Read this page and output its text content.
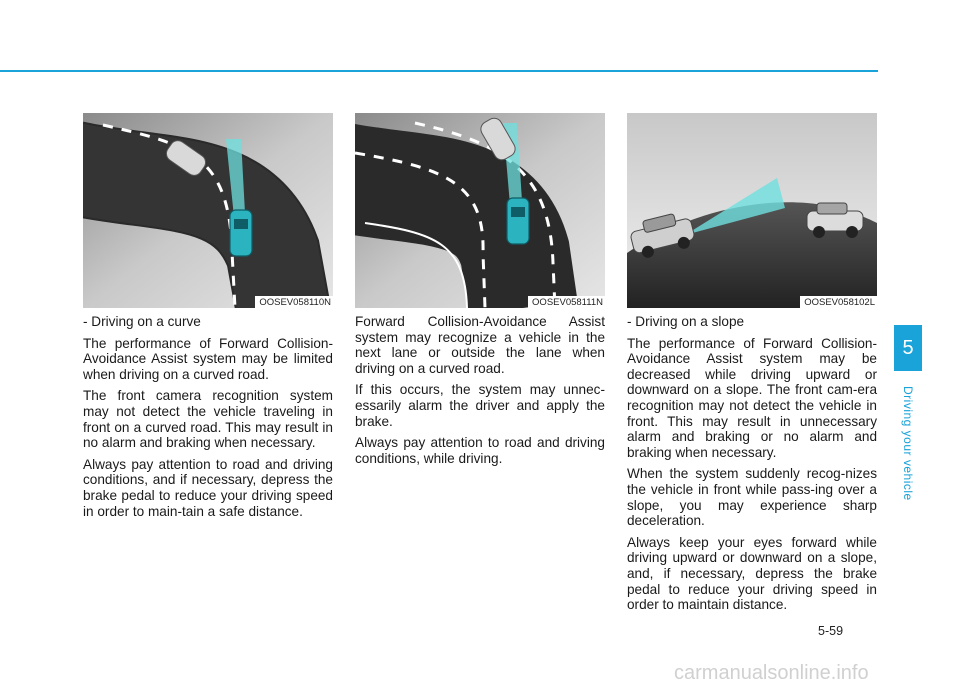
OOSEV058110N	OOSEV058111N	OOSEV058102L

- Driving on a curve

The performance of Forward Collision-Avoidance Assist system may be limited when driving on a curved road.

The front camera recognition system may not detect the vehicle traveling in front on a curved road. This may result in no alarm and braking when necessary.

Always pay attention to road and driving conditions, and if necessary, depress the brake pedal to reduce your driving speed in order to main-tain a safe distance.

Forward Collision-Avoidance Assist system may recognize a vehicle in the next lane or outside the lane when driving on a curved road.

If this occurs, the system may unnec-essarily alarm the driver and apply the brake.

Always pay attention to road and driving conditions, while driving.

- Driving on a slope

The performance of Forward Collision-Avoidance Assist system may be decreased while driving upward or downward on a slope. The front cam-era recognition may not detect the vehicle in front. This may result in unnecessary alarm and braking or no alarm and braking when necessary.

When the system suddenly recog-nizes the vehicle in front while pass-ing over a slope, you may experience sharp deceleration.

Always keep your eyes forward while driving upward or downward on a slope, and, if necessary, depress the brake pedal to reduce your driving speed in order to maintain distance.

5
Driving your vehicle
5-59
carmanualsonline.info
